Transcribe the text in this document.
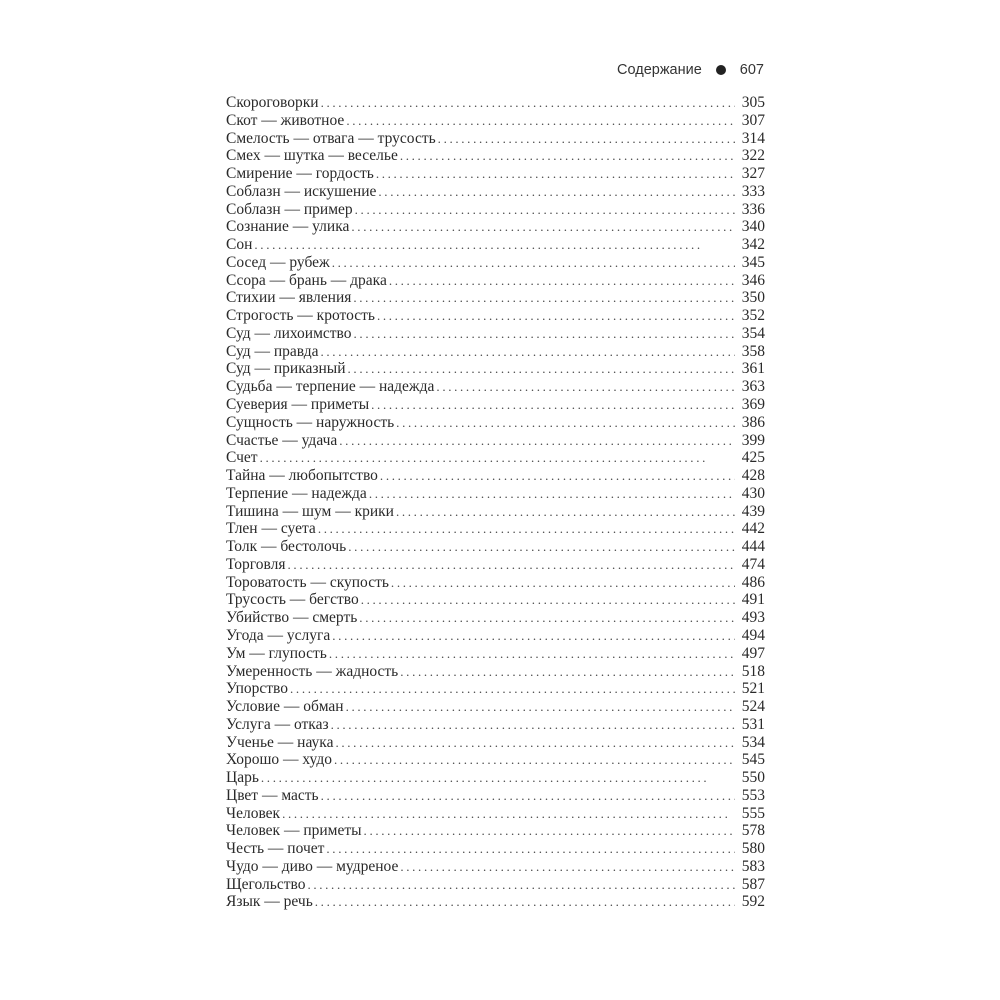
Содержание	607
Скороговорки . . .	305
Скот — животное . . .	307
Смелость — отвага — трусость . . .	314
Смех — шутка — веселье . . .	322
Смирение — гордость . . .	327
Соблазн — искушение . . .	333
Соблазн — пример . . .	336
Сознание — улика . . .	340
Сон . . .	342
Сосед — рубеж . . .	345
Ссора — брань — драка . . .	346
Стихии — явления . . .	350
Строгость — кротость . . .	352
Суд — лихоимство . . .	354
Суд — правда . . .	358
Суд — приказный . . .	361
Судьба — терпение — надежда . . .	363
Суеверия — приметы . . .	369
Сущность — наружность . . .	386
Счастье — удача . . .	399
Счет . . .	425
Тайна — любопытство . . .	428
Терпение — надежда . . .	430
Тишина — шум — крики . . .	439
Тлен — суета . . .	442
Толк — бестолочь . . .	444
Торговля . . .	474
Тороватость — скупость . . .	486
Трусость — бегство . . .	491
Убийство — смерть . . .	493
Угода — услуга . . .	494
Ум — глупость . . .	497
Умеренность — жадность . . .	518
Упорство . . .	521
Условие — обман . . .	524
Услуга — отказ . . .	531
Ученье — наука . . .	534
Хорошо — худо . . .	545
Царь . . .	550
Цвет — масть . . .	553
Человек . . .	555
Человек — приметы . . .	578
Честь — почет . . .	580
Чудо — диво — мудреное . . .	583
Щегольство . . .	587
Язык — речь . . .	592
